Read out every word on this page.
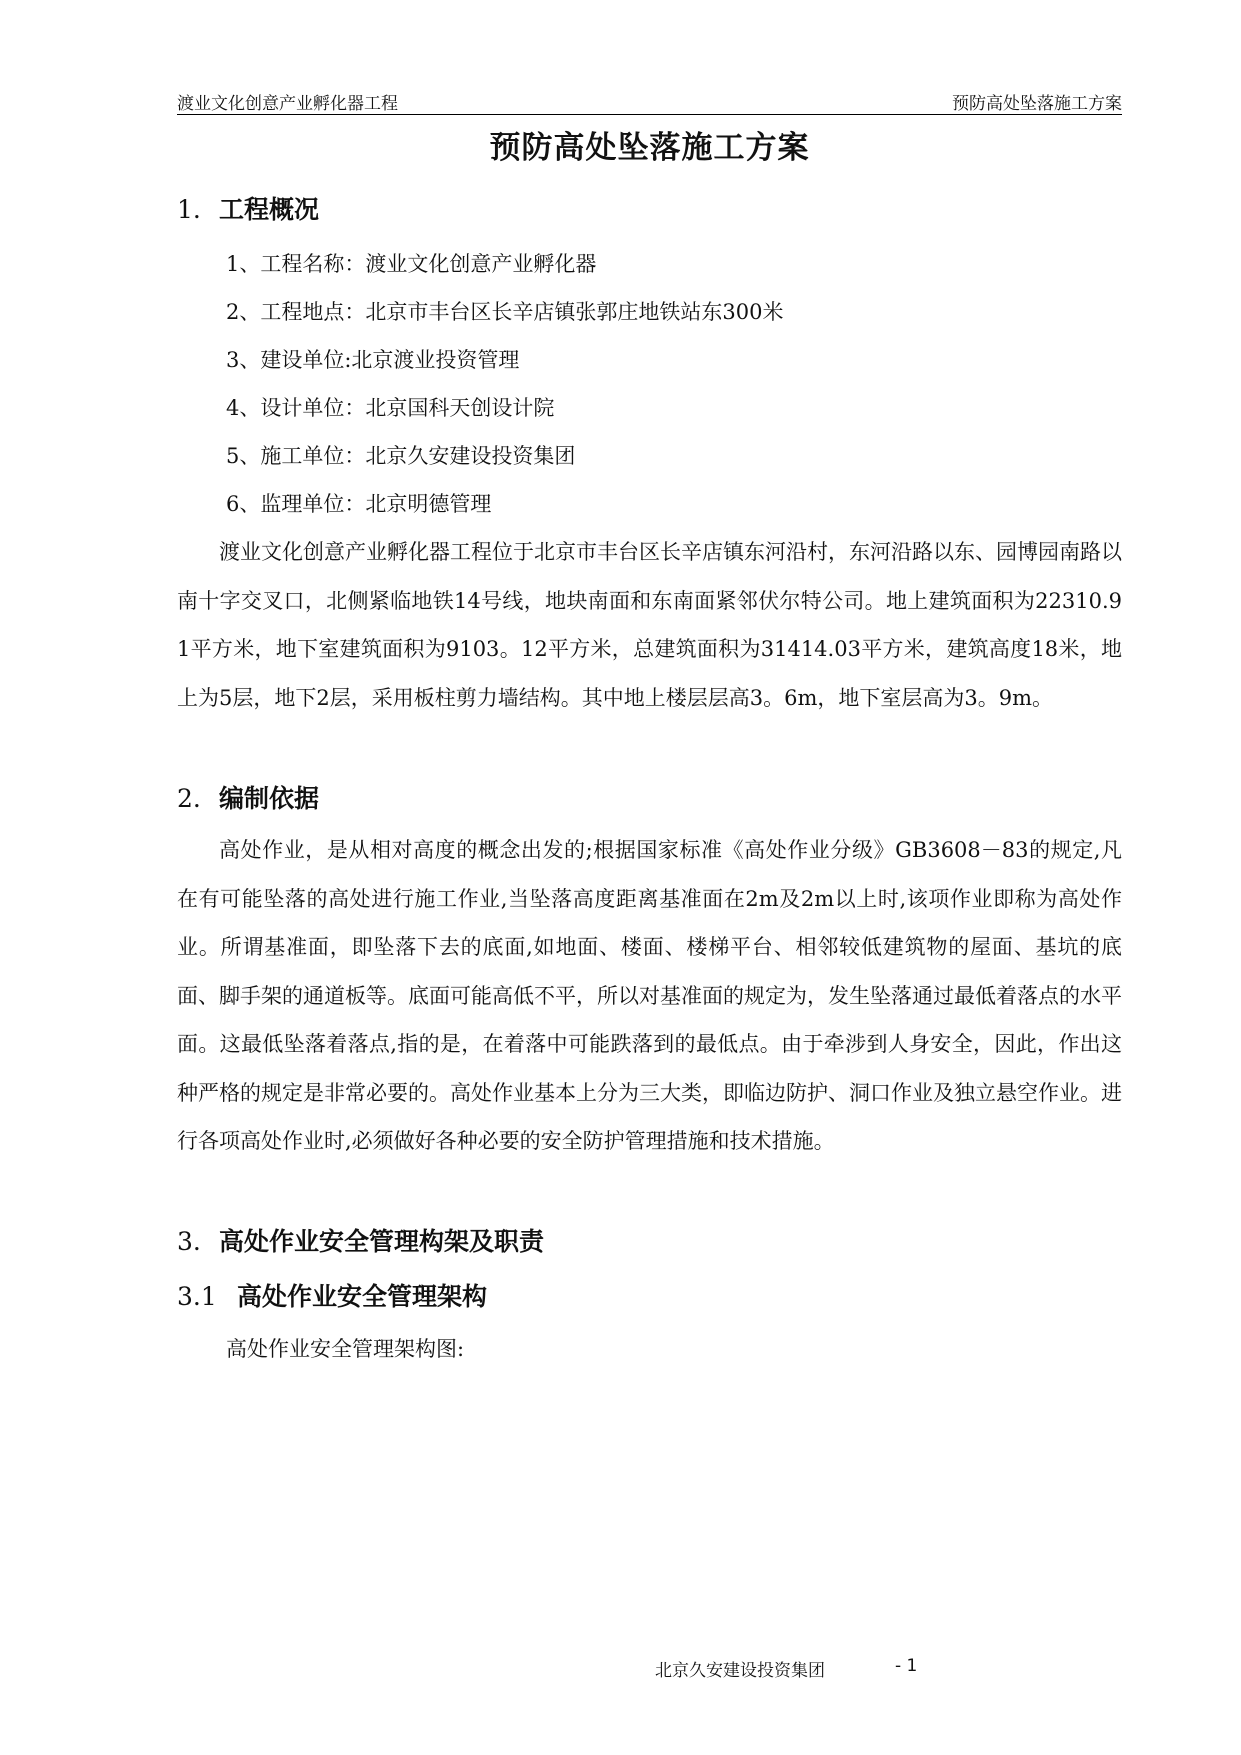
渡业文化创意产业孵化器工程	预防高处坠落施工方案
预防高处坠落施工方案
1. 工程概况
1、工程名称：渡业文化创意产业孵化器
2、工程地点：北京市丰台区长辛店镇张郭庄地铁站东300米
3、建设单位:北京渡业投资管理
4、设计单位：北京国科天创设计院
5、施工单位：北京久安建设投资集团
6、监理单位：北京明德管理
渡业文化创意产业孵化器工程位于北京市丰台区长辛店镇东河沿村，东河沿路以东、园博园南路以南十字交叉口，北侧紧临地铁14号线，地块南面和东南面紧邻伏尔特公司。地上建筑面积为22310.91平方米，地下室建筑面积为9103。12平方米，总建筑面积为31414.03平方米，建筑高度18米，地上为5层，地下2层，采用板柱剪力墙结构。其中地上楼层层高3。6m，地下室层高为3。9m。
2. 编制依据
高处作业，是从相对高度的概念出发的;根据国家标准《高处作业分级》GB3608－83的规定,凡在有可能坠落的高处进行施工作业,当坠落高度距离基准面在2m及2m以上时,该项作业即称为高处作业。所谓基准面，即坠落下去的底面,如地面、楼面、楼梯平台、相邻较低建筑物的屋面、基坑的底面、脚手架的通道板等。底面可能高低不平，所以对基准面的规定为，发生坠落通过最低着落点的水平面。这最低坠落着落点,指的是，在着落中可能跌落到的最低点。由于牵涉到人身安全，因此，作出这种严格的规定是非常必要的。高处作业基本上分为三大类，即临边防护、洞口作业及独立悬空作业。进行各项高处作业时,必须做好各种必要的安全防护管理措施和技术措施。
3. 高处作业安全管理构架及职责
3.1 高处作业安全管理架构
高处作业安全管理架构图:
北京久安建设投资集团	- 1
